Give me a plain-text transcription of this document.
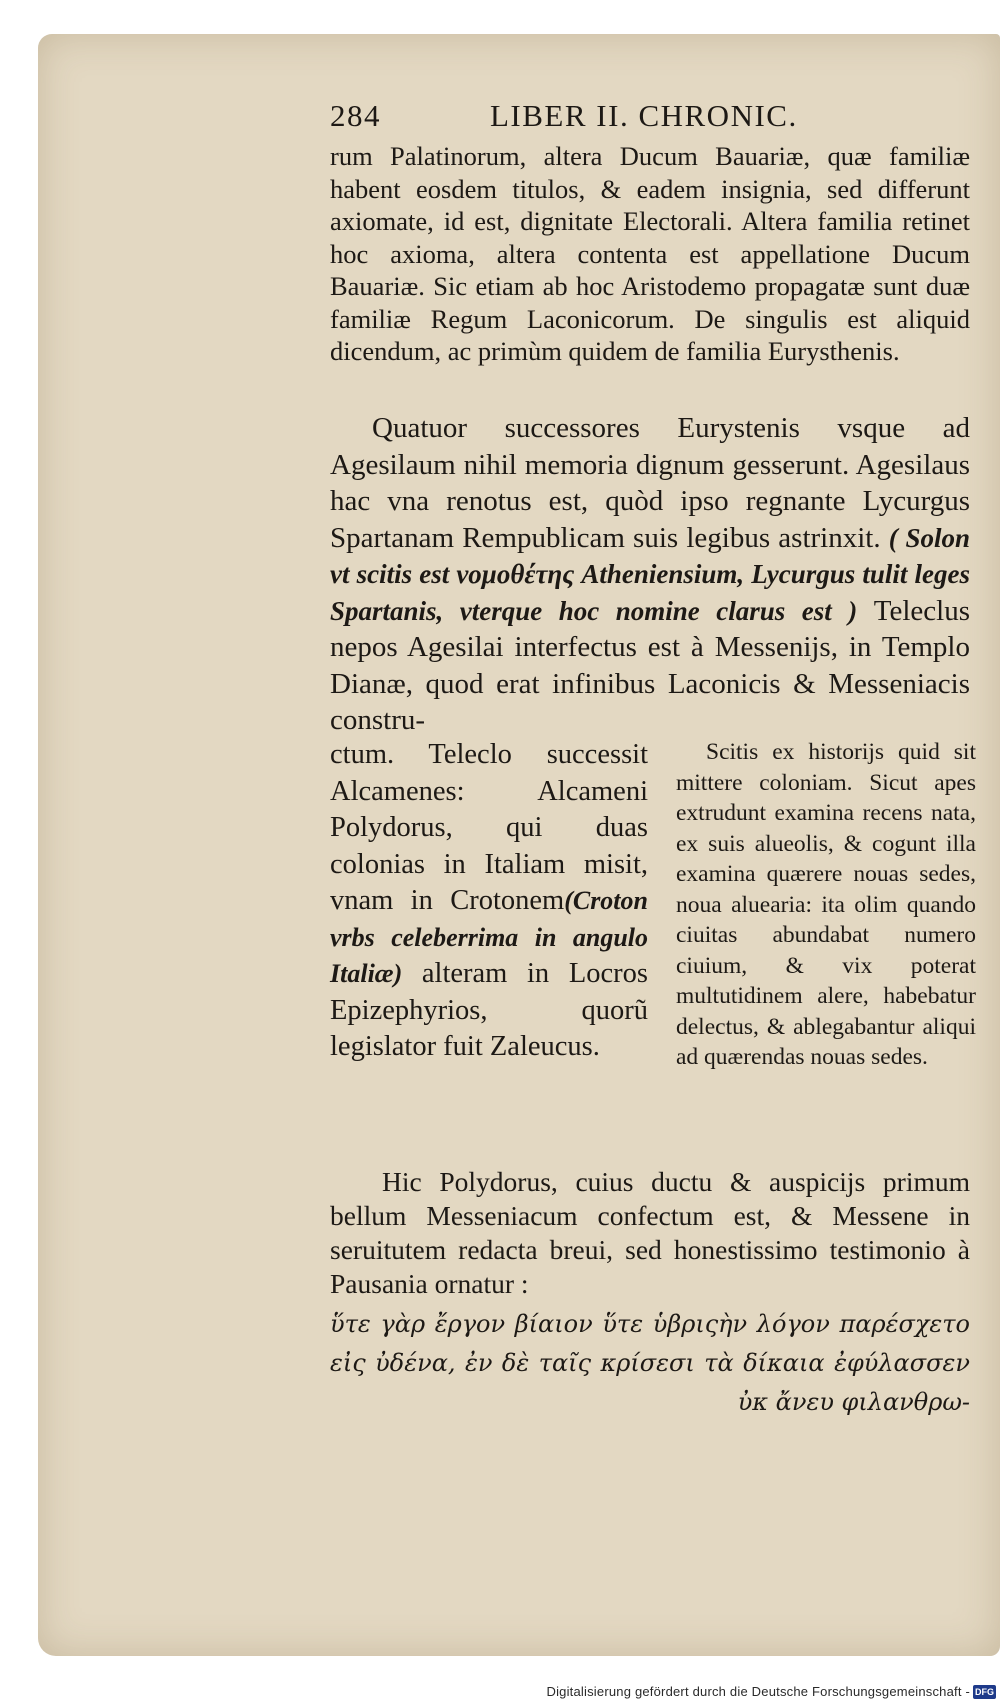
284	LIBER II. CHRONIC.

rum Palatinorum, altera Ducum Bauariæ, quæ familiæ habent eosdem titulos, & eadem insignia, sed differunt axiomate, id est, dignitate Electorali. Altera familia retinet hoc axioma, altera contenta est appellatione Ducum Bauariæ. Sic etiam ab hoc Aristodemo propagatæ sunt duæ familiæ Regum Laconicorum. De singulis est aliquid dicendum, ac primùm quidem de familia Eurysthenis.

Quatuor successores Eurystenis vsque ad Agesilaum nihil memoria dignum gesserunt. Agesilaus hac vna renotus est, quòd ipso regnante Lycurgus Spartanam Rempublicam suis legibus astrinxit. ( Solon vt scitis est νομοθέτης Atheniensium, Lycurgus tulit leges Spartanis, vterque hoc nomine clarus est ) Teleclus nepos Agesilai interfectus est à Messenijs, in Templo Dianæ, quod erat infinibus Laconicis & Messeniacis constru-

ctum. Teleclo successit Alcamenes: Alcameni Polydorus, qui duas colonias in Italiam misit, vnam in Crotonem(Croton vrbs celeberrima in angulo Italiæ) alteram in Locros Epizephyrios, quorũ legislator fuit Zaleucus.

Scitis ex historijs quid sit mittere coloniam. Sicut apes extrudunt examina recens nata, ex suis alueolis, & cogunt illa examina quærere nouas sedes, noua aluearia: ita olim quando ciuitas abundabat numero ciuium, & vix poterat multutidinem alere, habebatur delectus, & ablegabantur aliqui ad quærendas nouas sedes.

Hic Polydorus, cuius ductu & auspicijs primum bellum Messeniacum confectum est, & Messene in seruitutem redacta breui, sed honestissimo testimonio à Pausania ornatur :

ὕτε γὰρ ἔργον βίαιον ὕτε ὑβριςὴν λόγον παρέσχετο εἰς ὐδένα, ἐν δὲ ταῖς κρίσεσι τὰ δίκαια ἐφύλασσεν ὐκ ἄνευ φιλανθρω-

Digitalisierung gefördert durch die Deutsche Forschungsgemeinschaft - DFG
